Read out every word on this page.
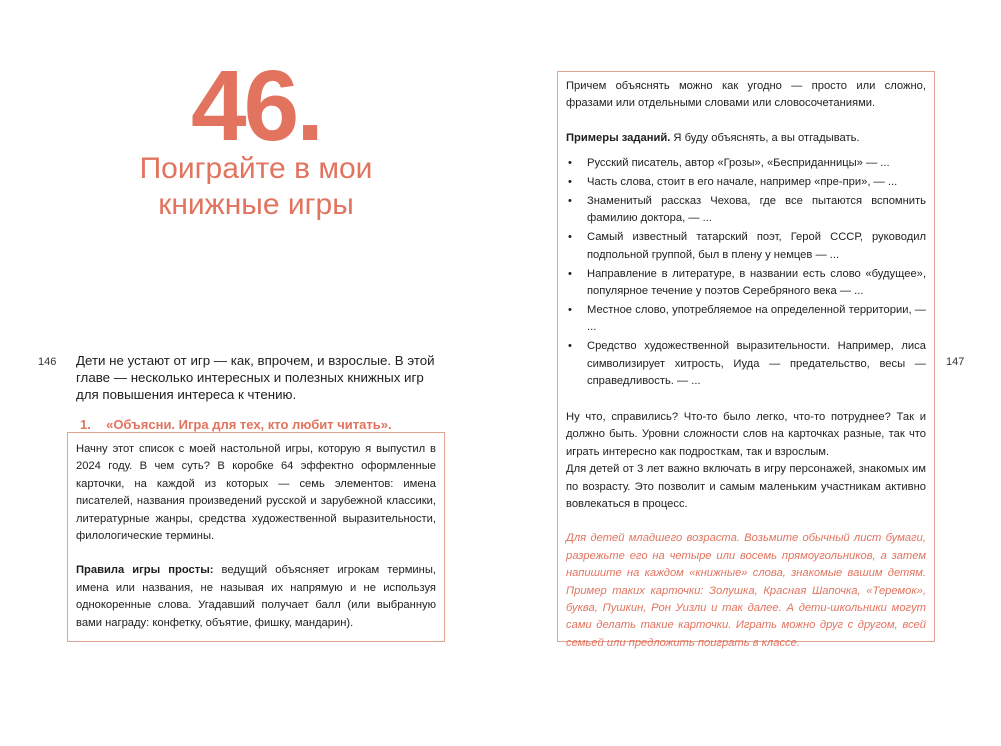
46.
Поиграйте в мои
книжные игры
146 Дети не устают от игр — как, впрочем, и взрослые. В этой главе — несколько интересных и полезных книжных игр для повышения интереса к чтению.
1. «Объясни. Игра для тех, кто любит читать».

Начну этот список с моей настольной игры, которую я выпустил в 2024 году. В чем суть? В коробке 64 эффектно оформленные карточки, на каждой из которых — семь элементов: имена писателей, названия произведений русской и зарубежной классики, литературные жанры, средства художественной выразительности, филологические термины.

Правила игры просты: ведущий объясняет игрокам термины, имена или названия, не называя их напрямую и не используя однокоренные слова. Угадавший получает балл (или выбранную вами награду: конфетку, объятие, фишку, мандарин).

147

Причем объяснять можно как угодно — просто или сложно, фразами или отдельными словами или словосочетаниями.

Примеры заданий. Я буду объяснять, а вы отгадывать.

• Русский писатель, автор «Грозы», «Бесприданницы» — ...
• Часть слова, стоит в его начале, например «пре-при», — ...
• Знаменитый рассказ Чехова, где все пытаются вспомнить фамилию доктора, — ...
• Самый известный татарский поэт, Герой СССР, руководил подпольной группой, был в плену у немцев — ...
• Направление в литературе, в названии есть слово «будущее», популярное течение у поэтов Серебряного века — ...
• Местное слово, употребляемое на определенной территории, — ...
• Средство художественной выразительности. Например, лиса символизирует хитрость, Иуда — предательство, весы — справедливость. — ...

Ну что, справились? Что-то было легко, что-то потруднее? Так и должно быть. Уровни сложности слов на карточках разные, так что играть интересно как подросткам, так и взрослым.

Для детей от 3 лет важно включать в игру персонажей, знакомых им по возрасту. Это позволит и самым маленьким участникам активно вовлекаться в процесс.

Для детей младшего возраста. Возьмите обычный лист бумаги, разрежьте его на четыре или восемь прямоугольников, а затем напишите на каждом «книжные» слова, знакомые вашим детям. Пример таких карточки: Золушка, Красная Шапочка, «Теремок», буква, Пушкин, Рон Уизли и так далее. А дети-школьники могут сами делать такие карточки. Играть можно друг с другом, всей семьей или предложить поиграть в классе.
